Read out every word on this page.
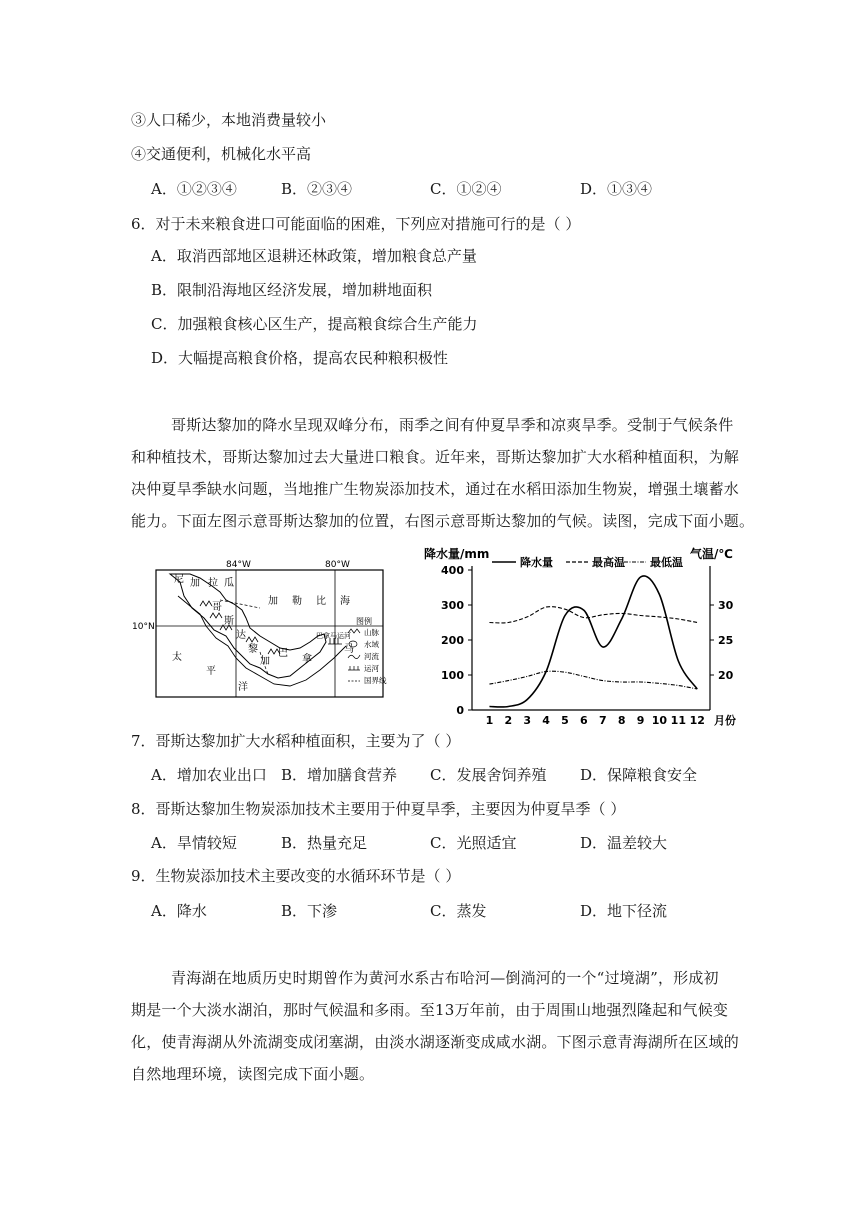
③人口稀少，本地消费量较小
④交通便利，机械化水平高
A．①②③④	B．②③④	C．①②④	D．①③④
6．对于未来粮食进口可能面临的困难，下列应对措施可行的是（ ）
A．取消西部地区退耕还林政策，增加粮食总产量
B．限制沿海地区经济发展，增加耕地面积
C．加强粮食核心区生产，提高粮食综合生产能力
D．大幅提高粮食价格，提高农民种粮积极性

哥斯达黎加的降水呈现双峰分布，雨季之间有仲夏旱季和凉爽旱季。受制于气候条件

和种植技术，哥斯达黎加过去大量进口粮食。近年来，哥斯达黎加扩大水稻种植面积，为解

决仲夏旱季缺水问题，当地推广生物炭添加技术，通过在水稻田添加生物炭，增强土壤蓄水

能力。下面左图示意哥斯达黎加的位置，右图示意哥斯达黎加的气候。读图，完成下面小题。

84°W	80°W
10°N
尼 加 拉 瓜
哥
斯
达
黎
加
巴
拿
马
加 勒 比 海
太
平
洋
巴拿马运河
图例
山脉
水域
河流
运河
国界线
降水量/mm	气温/℃
降水量	最高温 最低温
0
100
200
300
400
20
25
30
1 2 3 4 5 6 7 8 9 10 11 12 月份
7．哥斯达黎加扩大水稻种植面积，主要为了（ ）
A．增加农业出口 B．增加膳食营养 C．发展舍饲养殖 D．保障粮食安全
8．哥斯达黎加生物炭添加技术主要用于仲夏旱季，主要因为仲夏旱季（ ）
A．旱情较短	B．热量充足	C．光照适宜	D．温差较大
9．生物炭添加技术主要改变的水循环环节是（ ）
A．降水	B．下渗	C．蒸发	D．地下径流

青海湖在地质历史时期曾作为黄河水系古布哈河—倒淌河的一个“过境湖”，形成初

期是一个大淡水湖泊，那时气候温和多雨。至13万年前，由于周围山地强烈隆起和气候变

化，使青海湖从外流湖变成闭塞湖，由淡水湖逐渐变成咸水湖。下图示意青海湖所在区域的

自然地理环境，读图完成下面小题。
